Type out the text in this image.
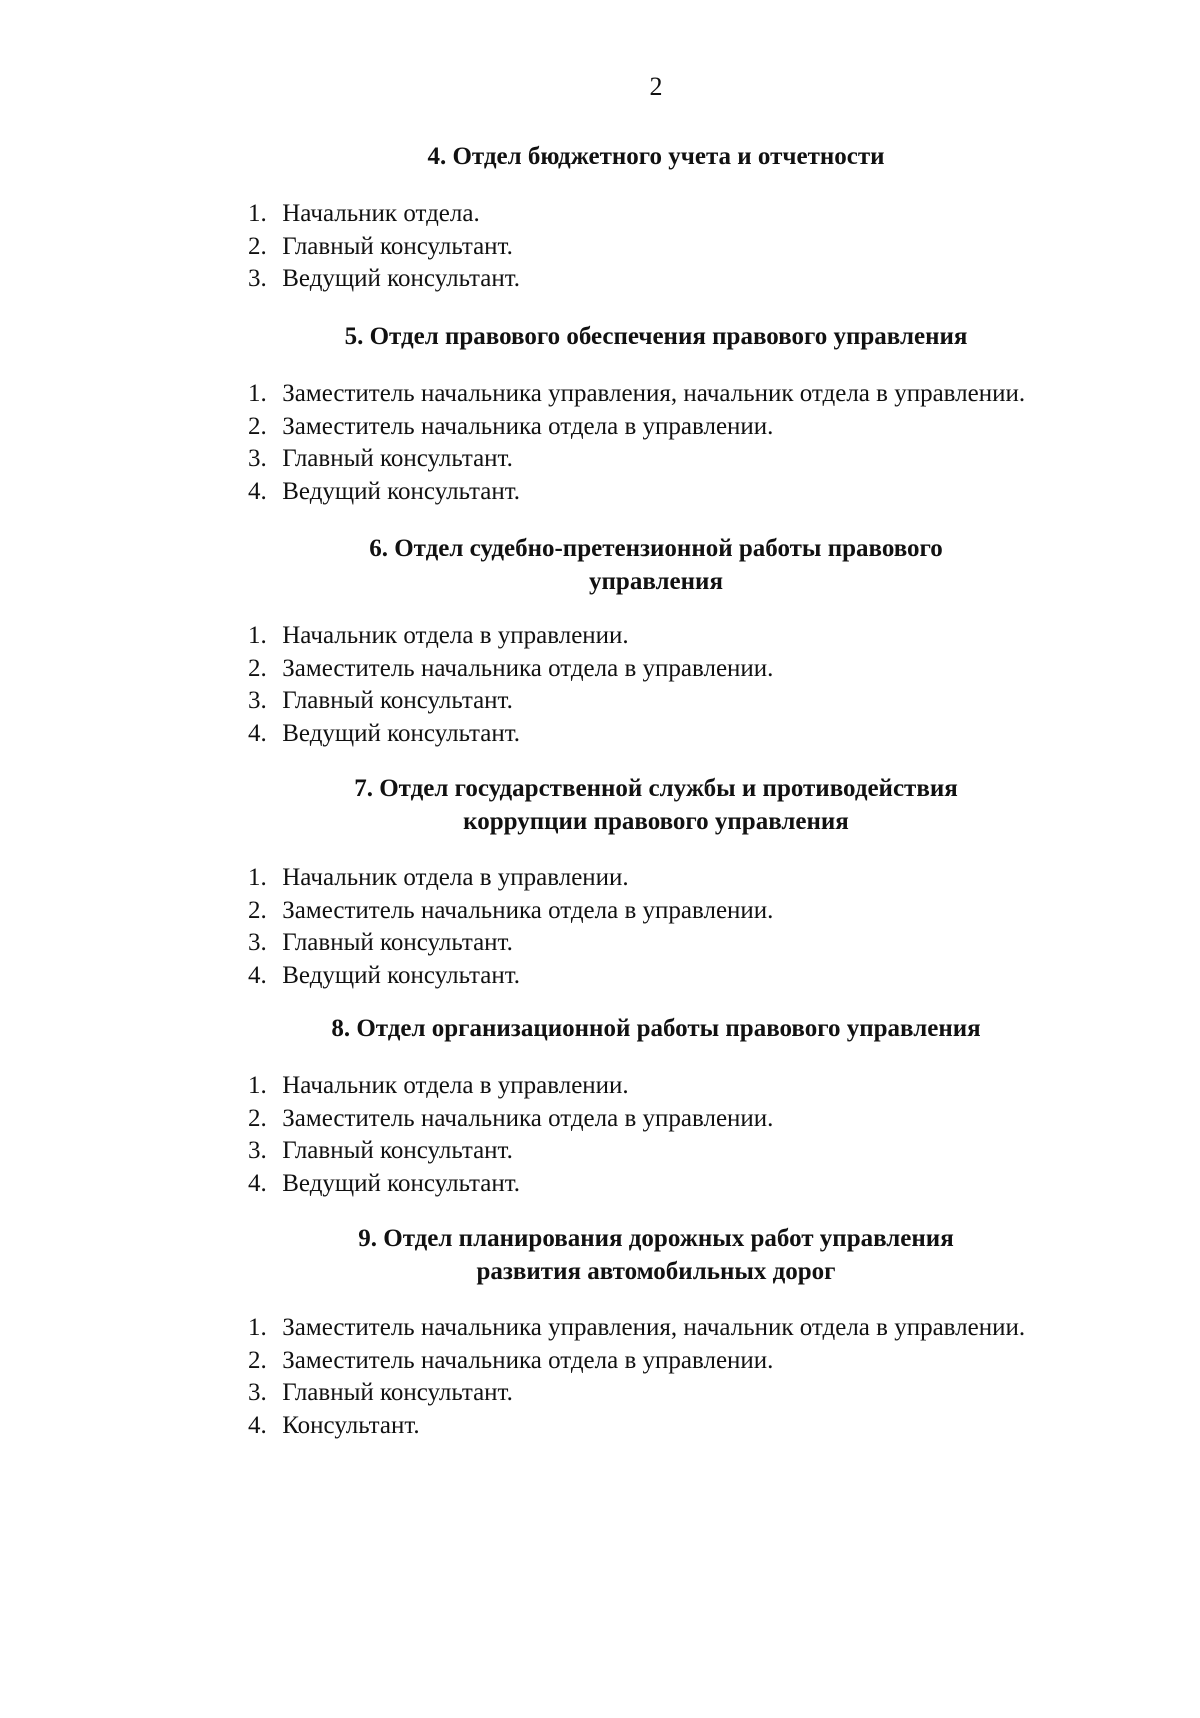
2
4. Отдел бюджетного учета и отчетности
1. Начальник отдела.
2. Главный консультант.
3. Ведущий консультант.
5. Отдел правового обеспечения правового управления
1. Заместитель начальника управления, начальник отдела в управлении.
2. Заместитель начальника отдела в управлении.
3. Главный консультант.
4. Ведущий консультант.
6. Отдел судебно-претензионной работы правового
управления
1. Начальник отдела в управлении.
2. Заместитель начальника отдела в управлении.
3. Главный консультант.
4. Ведущий консультант.
7. Отдел государственной службы и противодействия
коррупции правового управления
1. Начальник отдела в управлении.
2. Заместитель начальника отдела в управлении.
3. Главный консультант.
4. Ведущий консультант.
8. Отдел организационной работы правового управления
1. Начальник отдела в управлении.
2. Заместитель начальника отдела в управлении.
3. Главный консультант.
4. Ведущий консультант.
9. Отдел планирования дорожных работ управления
развития автомобильных дорог
1. Заместитель начальника управления, начальник отдела в управлении.
2. Заместитель начальника отдела в управлении.
3. Главный консультант.
4. Консультант.
